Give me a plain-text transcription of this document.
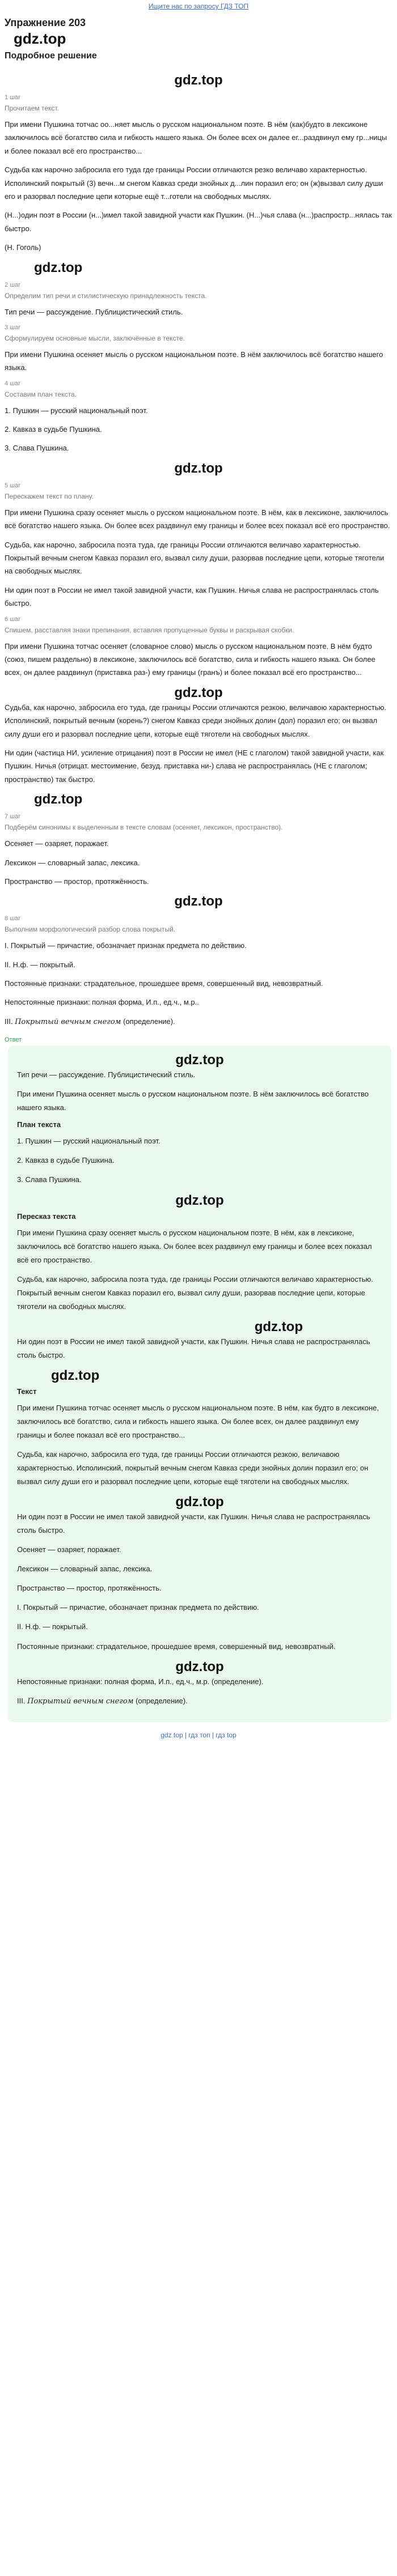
Ищите нас по запросу ГДЗ ТОП
Упражнение 203
gdz.top
Подробное решение
gdz.top
1 шаг
Прочитаем текст.
При имени Пушкина тотчас оо...няет мысль о русском национальном поэте. В нём (как)будто в лексиконе заключилось всё богатство сила и гибкость нашего языка. Он более всех он далее ег...раздвинул ему гр...ницы и более показал всё его пространство...
Судьба как нарочно забросила его туда где границы России отличаются резко величаво характерностью. Исполинский покрытый (3) вечн...м снегом Кавказ среди знойных д...лин поразил его; он (ж)вызвал силу души его и разорвал последние цепи которые ещё т...готели на свободных мыслях.
(Н...)один поэт в России (н...)имел такой завидной участи как Пушкин. (Н...)чья слава (н...)распростр...нялась так быстро.
(Н. Гоголь)
gdz.top
2 шаг
Определим тип речи и стилистическую принадлежность текста.
Тип речи — рассуждение. Публицистический стиль.
3 шаг
Сформулируем основные мысли, заключённые в тексте.
При имени Пушкина осеняет мысль о русском национальном поэте. В нём заключилось всё богатство нашего языка.
4 шаг
Составим план текста.
1. Пушкин — русский национальный поэт.
2. Кавказ в судьбе Пушкина.
3. Слава Пушкина.
gdz.top
5 шаг
Перескажем текст по плану.
При имени Пушкина сразу осеняет мысль о русском национальном поэте. В нём, как в лексиконе, заключилось всё богатство нашего языка. Он более всех раздвинул ему границы и более всех показал всё его пространство.
Судьба, как нарочно, забросила поэта туда, где границы России отличаются величаво характерностью. Покрытый вечным снегом Кавказ поразил его, вызвал силу души, разорвав последние цепи, которые тяготели на свободных мыслях.
Ни один поэт в России не имел такой завидной участи, как Пушкин. Ничья слава не распространялась столь быстро.
6 шаг
Спишем, расставляя знаки препинания, вставляя пропущенные буквы и раскрывая скобки.
При имени Пушкина тотчас осеняет (словарное слово) мысль о русском национальном поэте. В нём будто (союз, пишем раздельно) в лексиконе, заключилось всё богатство, сила и гибкость нашего языка. Он более всех, он далее раздвинул (приставка раз-) ему границы (гранъ) и более показал всё его пространство...
gdz.top
Судьба, как нарочно, забросила его туда, где границы России отличаются резкою, величавою характерностью. Исполинский, покрытый вечным (корень?) снегом Кавказ среди знойных долин (дол) поразил его; он вызвал силу души его и разорвал последние цепи, которые ещё тяготели на свободных мыслях.
Ни один (частица НИ, усиление отрицания) поэт в России не имел (НЕ с глаголом) такой завидной участи, как Пушкин. Ничья (отрицат. местоимение, безуд. приставка ни-) слава не распространялась (НЕ с глаголом; пространство) так быстро.
gdz.top
7 шаг
Подберём синонимы к выделенным в тексте словам (осеняет, лексикон, пространство).
Осеняет — озаряет, поражает.
Лексикон — словарный запас, лексика.
Пространство — простор, протяжённость.
gdz.top
8 шаг
Выполним морфологический разбор слова покрытый.
I. Покрытый — причастие, обозначает признак предмета по действию.
II. Н.ф. — покрытый.
Постоянные признаки: страдательное, прошедшее время, совершенный вид, невозвратный.
Непостоянные признаки: полная форма, И.п., ед.ч., м.р..
III. Покрытый вечным снегом (определение).
Ответ
gdz.top
Тип речи — рассуждение. Публицистический стиль.
При имени Пушкина осеняет мысль о русском национальном поэте. В нём заключилось всё богатство нашего языка.
План текста
1. Пушкин — русский национальный поэт.
2. Кавказ в судьбе Пушкина.
3. Слава Пушкина.
gdz.top
Пересказ текста
При имени Пушкина сразу осеняет мысль о русском национальном поэте. В нём, как в лексиконе, заключилось всё богатство нашего языка. Он более всех раздвинул ему границы и более всех показал всё его пространство.
Судьба, как нарочно, забросила поэта туда, где границы России отличаются величаво характерностью. Покрытый вечным снегом Кавказ поразил его, вызвал силу души, разорвав последние цепи, которые тяготели на свободных мыслях.
gdz.top
Ни один поэт в России не имел такой завидной участи, как Пушкин. Ничья слава не распространялась столь быстро.
gdz.top
Текст
При имени Пушкина тотчас осеняет мысль о русском национальном поэте. В нём, как будто в лексиконе, заключилось всё богатство, сила и гибкость нашего языка. Он более всех, он далее раздвинул ему границы и более показал всё его пространство...
Судьба, как нарочно, забросила его туда, где границы России отличаются резкою, величавою характерностью. Исполинский, покрытый вечным снегом Кавказ среди знойных долин поразил его; он вызвал силу души его и разорвал последние цепи, которые ещё тяготели на свободных мыслях.
gdz.top
Ни один поэт в России не имел такой завидной участи, как Пушкин. Ничья слава не распространялась столь быстро.
Осеняет — озаряет, поражает.
Лексикон — словарный запас, лексика.
Пространство — простор, протяжённость.
I. Покрытый — причастие, обозначает признак предмета по действию.
II. Н.ф. — покрытый.
Постоянные признаки: страдательное, прошедшее время, совершенный вид, невозвратный.
gdz.top
Непостоянные признаки: полная форма, И.п., ед.ч., м.р. (определение).
III. Покрытый вечным снегом (определение).
gdz top | гдз топ | гдз top
